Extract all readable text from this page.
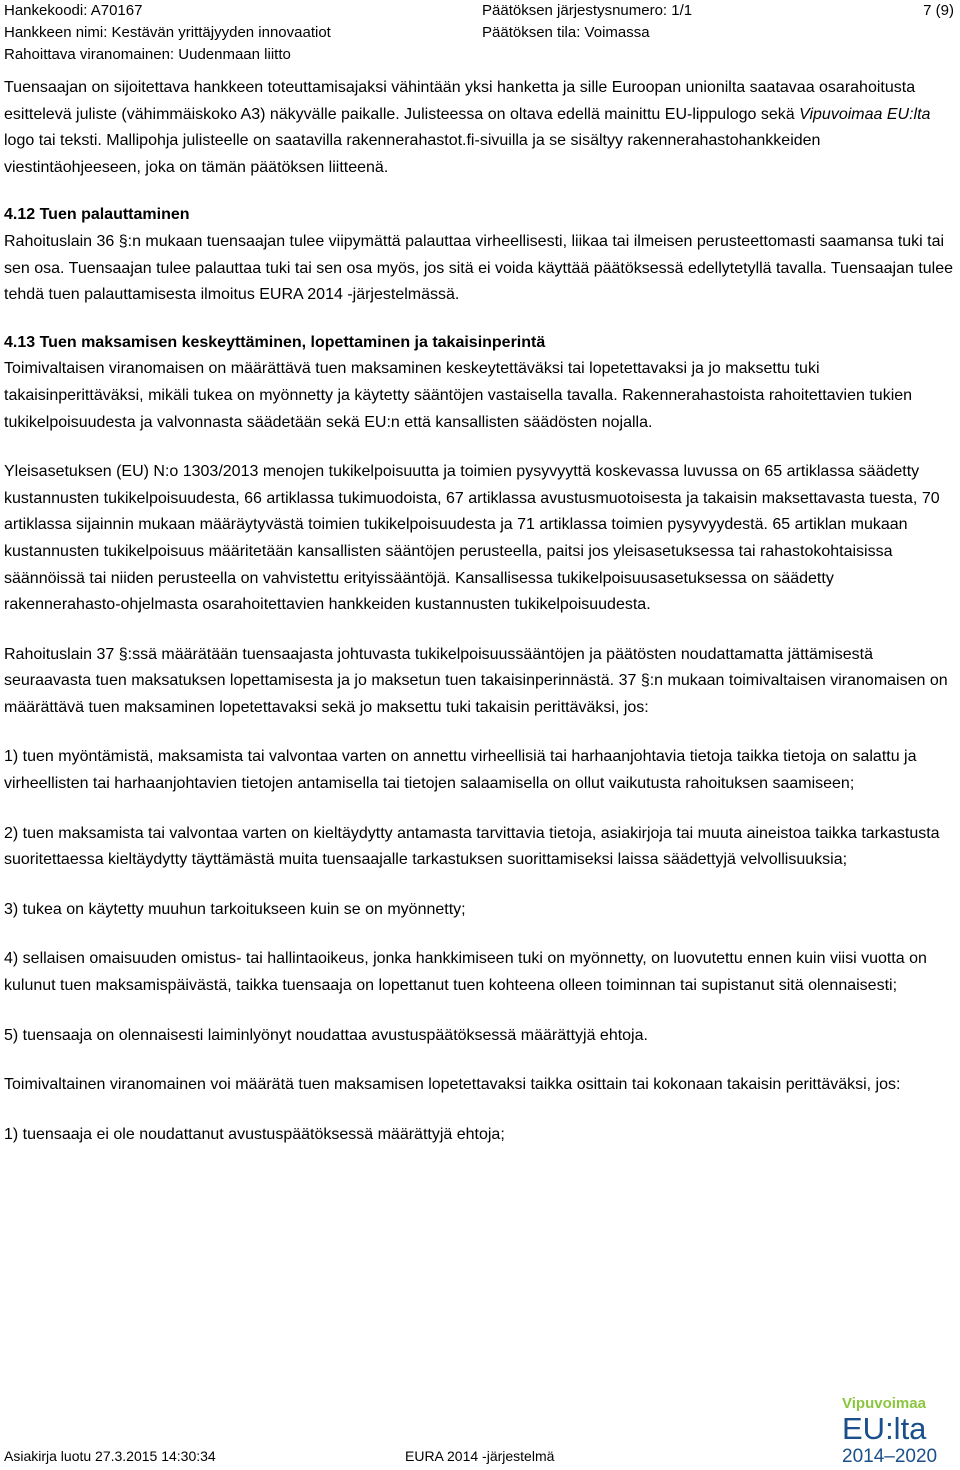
Hankekoodi: A70167
Hankkeen nimi: Kestävän yrittäjyyden innovaatiot
Rahoittava viranomainen: Uudenmaan liitto
Päätöksen järjestysnumero: 1/1
Päätöksen tila: Voimassa
7 (9)

Tuensaajan on sijoitettava hankkeen toteuttamisajaksi vähintään yksi hanketta ja sille Euroopan unionilta saatavaa osarahoitusta esittelevä juliste (vähimmäiskoko A3) näkyvälle paikalle. Julisteessa on oltava edellä mainittu EU-lippulogo sekä Vipuvoimaa EU:lta logo tai teksti. Mallipohja julisteelle on saatavilla rakennerahastot.fi-sivuilla ja se sisältyy rakennerahastohankkeiden viestintäohjeeseen, joka on tämän päätöksen liitteenä.

4.12 Tuen palauttaminen

Rahoituslain 36 §:n mukaan tuensaajan tulee viipymättä palauttaa virheellisesti, liikaa tai ilmeisen perusteettomasti saamansa tuki tai sen osa. Tuensaajan tulee palauttaa tuki tai sen osa myös, jos sitä ei voida käyttää päätöksessä edellytetyllä tavalla. Tuensaajan tulee tehdä tuen palauttamisesta ilmoitus EURA 2014 -järjestelmässä.

4.13 Tuen maksamisen keskeyttäminen, lopettaminen ja takaisinperintä

Toimivaltaisen viranomaisen on määrättävä tuen maksaminen keskeytettäväksi tai lopetettavaksi ja jo maksettu tuki takaisinperittäväksi, mikäli tukea on myönnetty ja käytetty sääntöjen vastaisella tavalla. Rakennerahastoista rahoitettavien tukien tukikelpoisuudesta ja valvonnasta säädetään sekä EU:n että kansallisten säädösten nojalla.

Yleisasetuksen (EU) N:o 1303/2013 menojen tukikelpoisuutta ja toimien pysyvyyttä koskevassa luvussa on 65 artiklassa säädetty kustannusten tukikelpoisuudesta, 66 artiklassa tukimuodoista, 67 artiklassa avustusmuotoisesta ja takaisin maksettavasta tuesta, 70 artiklassa sijainnin mukaan määräytyvästä toimien tukikelpoisuudesta ja 71 artiklassa toimien pysyvyydestä. 65 artiklan mukaan kustannusten tukikelpoisuus määritetään kansallisten sääntöjen perusteella, paitsi jos yleisasetuksessa tai rahastokohtaisissa säännöissä tai niiden perusteella on vahvistettu erityissääntöjä. Kansallisessa tukikelpoisuusasetuksessa on säädetty rakennerahasto-ohjelmasta osarahoitettavien hankkeiden kustannusten tukikelpoisuudesta.

Rahoituslain 37 §:ssä määrätään tuensaajasta johtuvasta tukikelpoisuussääntöjen ja päätösten noudattamatta jättämisestä seuraavasta tuen maksatuksen lopettamisesta ja jo maksetun tuen takaisinperinnästä. 37 §:n mukaan toimivaltaisen viranomaisen on määrättävä tuen maksaminen lopetettavaksi sekä jo maksettu tuki takaisin perittäväksi, jos:

1) tuen myöntämistä, maksamista tai valvontaa varten on annettu virheellisiä tai harhaanjohtavia tietoja taikka tietoja on salattu ja virheellisten tai harhaanjohtavien tietojen antamisella tai tietojen salaamisella on ollut vaikutusta rahoituksen saamiseen;

2) tuen maksamista tai valvontaa varten on kieltäydytty antamasta tarvittavia tietoja, asiakirjoja tai muuta aineistoa taikka tarkastusta suoritettaessa kieltäydytty täyttämästä muita tuensaajalle tarkastuksen suorittamiseksi laissa säädettyjä velvollisuuksia;

3) tukea on käytetty muuhun tarkoitukseen kuin se on myönnetty;

4) sellaisen omaisuuden omistus- tai hallintaoikeus, jonka hankkimiseen tuki on myönnetty, on luovutettu ennen kuin viisi vuotta on kulunut tuen maksamispäivästä, taikka tuensaaja on lopettanut tuen kohteena olleen toiminnan tai supistanut sitä olennaisesti;

5) tuensaaja on olennaisesti laiminlyönyt noudattaa avustuspäätöksessä määrättyjä ehtoja.

Toimivaltainen viranomainen voi määrätä tuen maksamisen lopetettavaksi taikka osittain tai kokonaan takaisin perittäväksi, jos:

1) tuensaaja ei ole noudattanut avustuspäätöksessä määrättyjä ehtoja;

Vipuvoimaa
EU:lta
2014–2020
Asiakirja luotu 27.3.2015 14:30:34	EURA 2014 -järjestelmä
